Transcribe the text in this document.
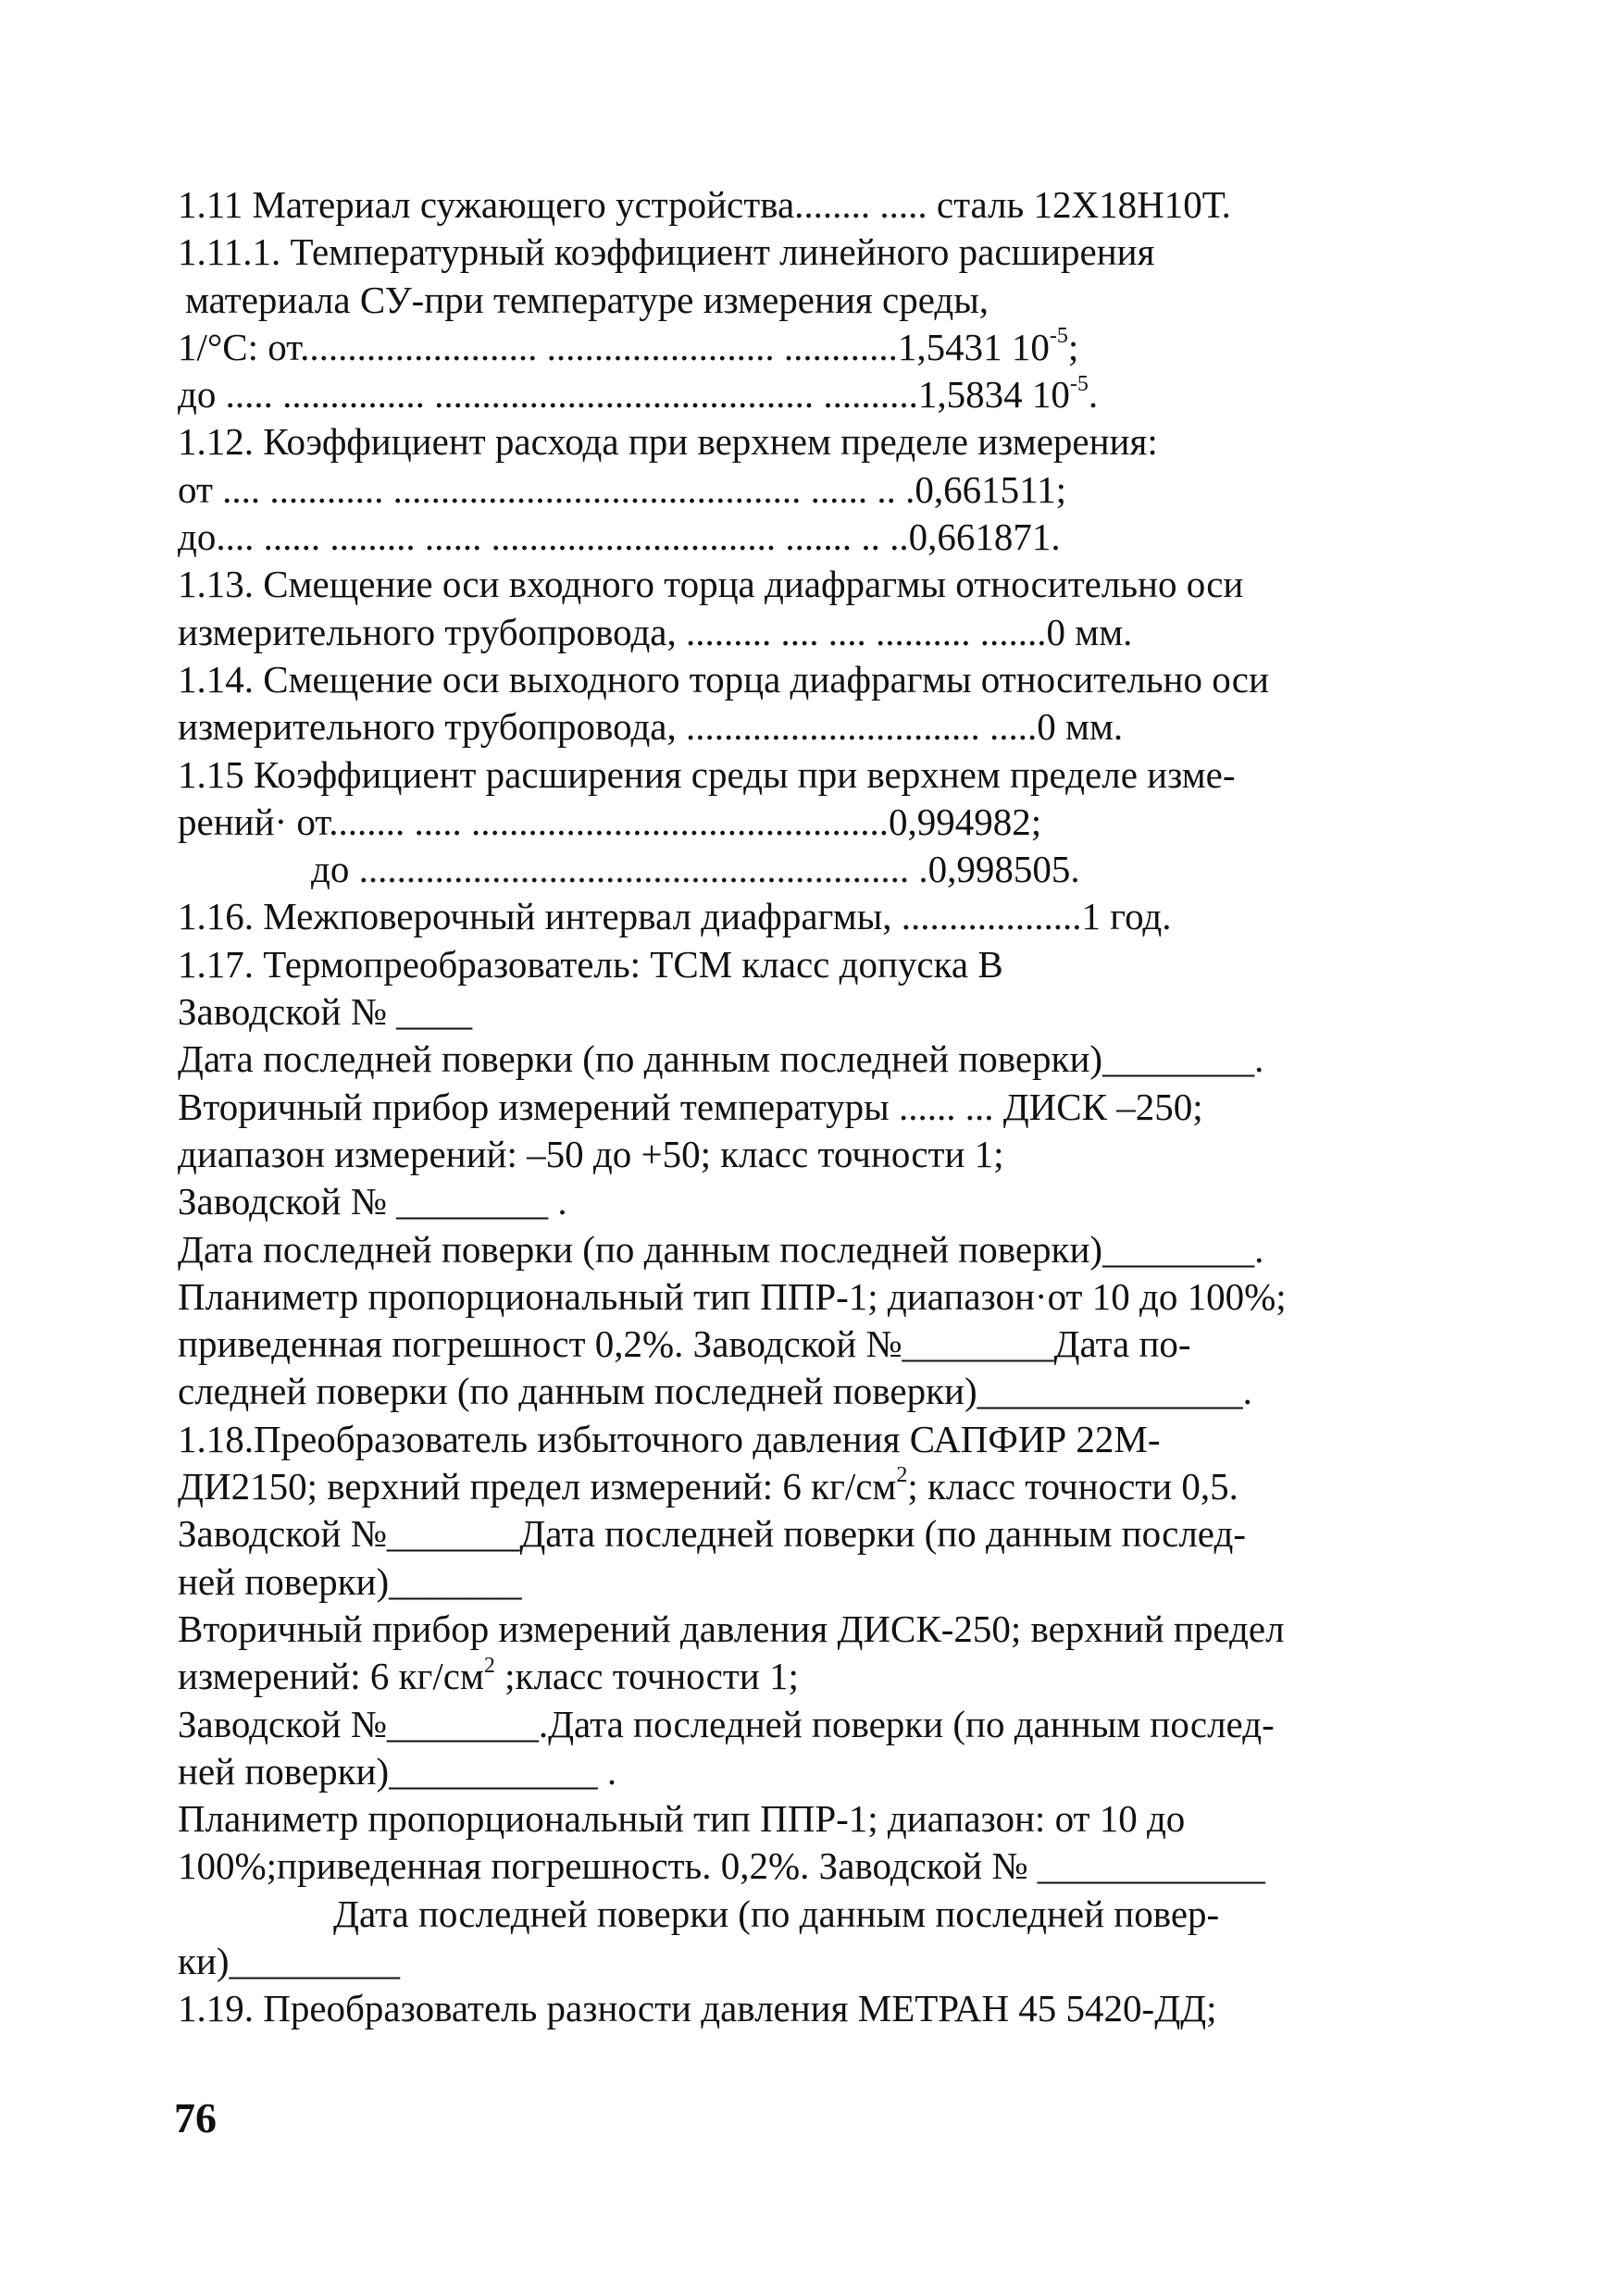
1.11 Материал сужающего устройства........ ..... сталь 12Х18Н10Т.
1.11.1. Температурный коэффициент линейного расширения
материала СУ-при температуре измерения среды,
1/°С: от......................... ........................ ............1,5431 $10^{-5}$;
до ..... ............... ........................................ ..........1,5834 $10^{-5}$.
1.12. Коэффициент расхода при верхнем пределе измерения:
от .... ............ ........................................... ...... .. .0,661511;
до.... ...... ......... ...... .............................. ....... .. ..0,661871.
1.13. Смещение оси входного торца диафрагмы относительно оси
измерительного трубопровода, ......... .... .... .......... .......0 мм.
1.14. Смещение оси выходного торца диафрагмы относительно оси
измерительного трубопровода, ............................... .....0 мм.
1.15 Коэффициент расширения среды при верхнем пределе изме-
рений· от........ ..... ............................................0,994982;
до .......................................................... .0,998505.
1.16. Межповерочный интервал диафрагмы, ...................1 год.
1.17. Термопреобразователь: ТСМ класс допуска В
Заводской № ____
Дата последней поверки (по данным последней поверки)________.
Вторичный прибор измерений температуры ...... ... ДИСК –250;
диапазон измерений: –50 до +50; класс точности 1;
Заводской № ________ .
Дата последней поверки (по данным последней поверки)________.
Планиметр пропорциональный тип ППР-1; диапазон·от 10 до 100%;
приведенная погрешност 0,2%. Заводской №________Дата по-
следней поверки (по данным последней поверки)______________.
1.18.Преобразователь избыточного давления САПФИР 22М-
ДИ2150; верхний предел измерений: 6 $кг/см^2$; класс точности 0,5.
Заводской №_______Дата последней поверки (по данным послед-
ней поверки)_______
Вторичный прибор измерений давления ДИСК-250; верхний предел
измерений: 6 $кг/см^2$ ;класс точности 1;
Заводской №________.Дата последней поверки (по данным послед-
ней поверки)___________ .
Планиметр пропорциональный тип ППР-1; диапазон: от 10 до
100%;приведенная погрешность. 0,2%. Заводской № ____________
Дата последней поверки (по данным последней повер-
ки)_________
1.19. Преобразователь разности давления МЕТРАН 45 5420-ДД;
76
